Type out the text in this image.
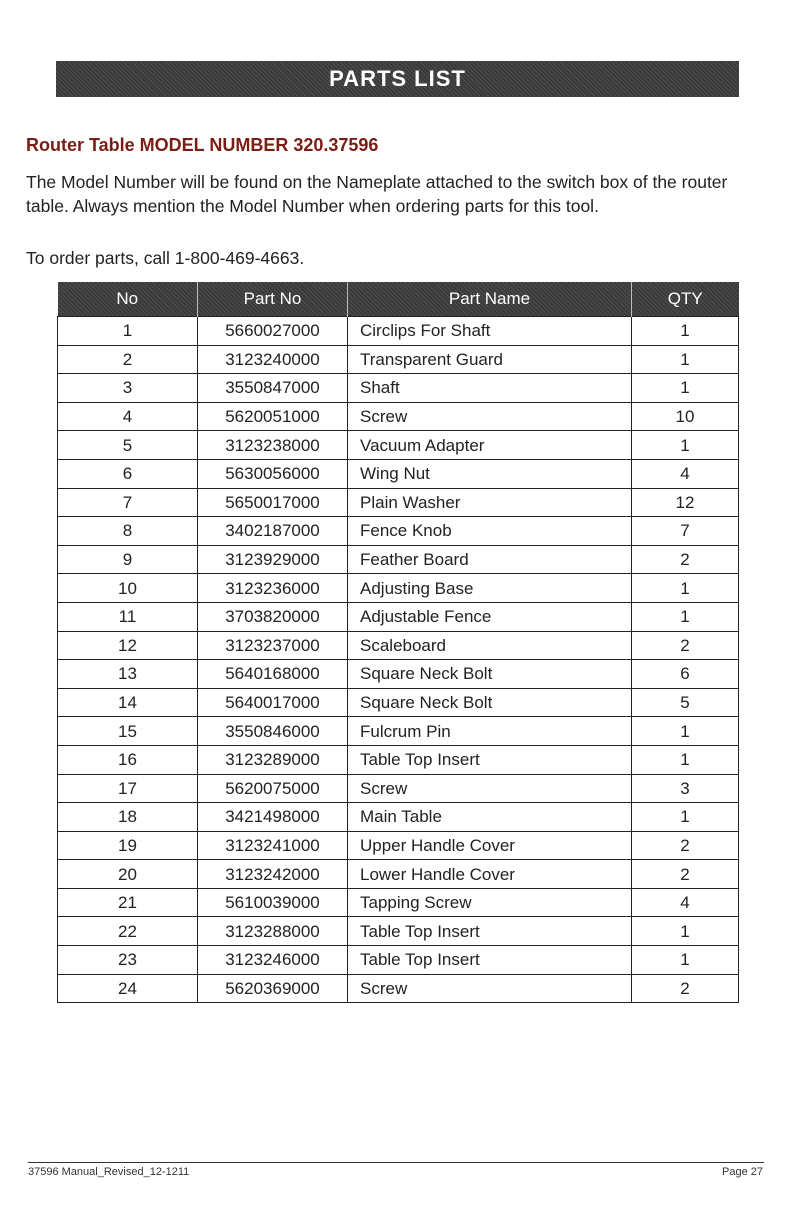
PARTS LIST
Router Table MODEL NUMBER 320.37596
The Model Number will be found on the Nameplate attached to the switch box of the router table. Always mention the Model Number when ordering parts for this tool.
To order parts, call 1-800-469-4663.
No	Part No	Part Name	QTY
1	5660027000	Circlips For Shaft	1
2	3123240000	Transparent Guard	1
3	3550847000	Shaft	1
4	5620051000	Screw	10
5	3123238000	Vacuum Adapter	1
6	5630056000	Wing Nut	4
7	5650017000	Plain Washer	12
8	3402187000	Fence Knob	7
9	3123929000	Feather Board	2
10	3123236000	Adjusting Base	1
11	3703820000	Adjustable Fence	1
12	3123237000	Scaleboard	2
13	5640168000	Square Neck Bolt	6
14	5640017000	Square Neck Bolt	5
15	3550846000	Fulcrum Pin	1
16	3123289000	Table Top Insert	1
17	5620075000	Screw	3
18	3421498000	Main Table	1
19	3123241000	Upper Handle Cover	2
20	3123242000	Lower Handle Cover	2
21	5610039000	Tapping Screw	4
22	3123288000	Table Top Insert	1
23	3123246000	Table Top Insert	1
24	5620369000	Screw	2
37596 Manual_Revised_12-1211	Page 27
